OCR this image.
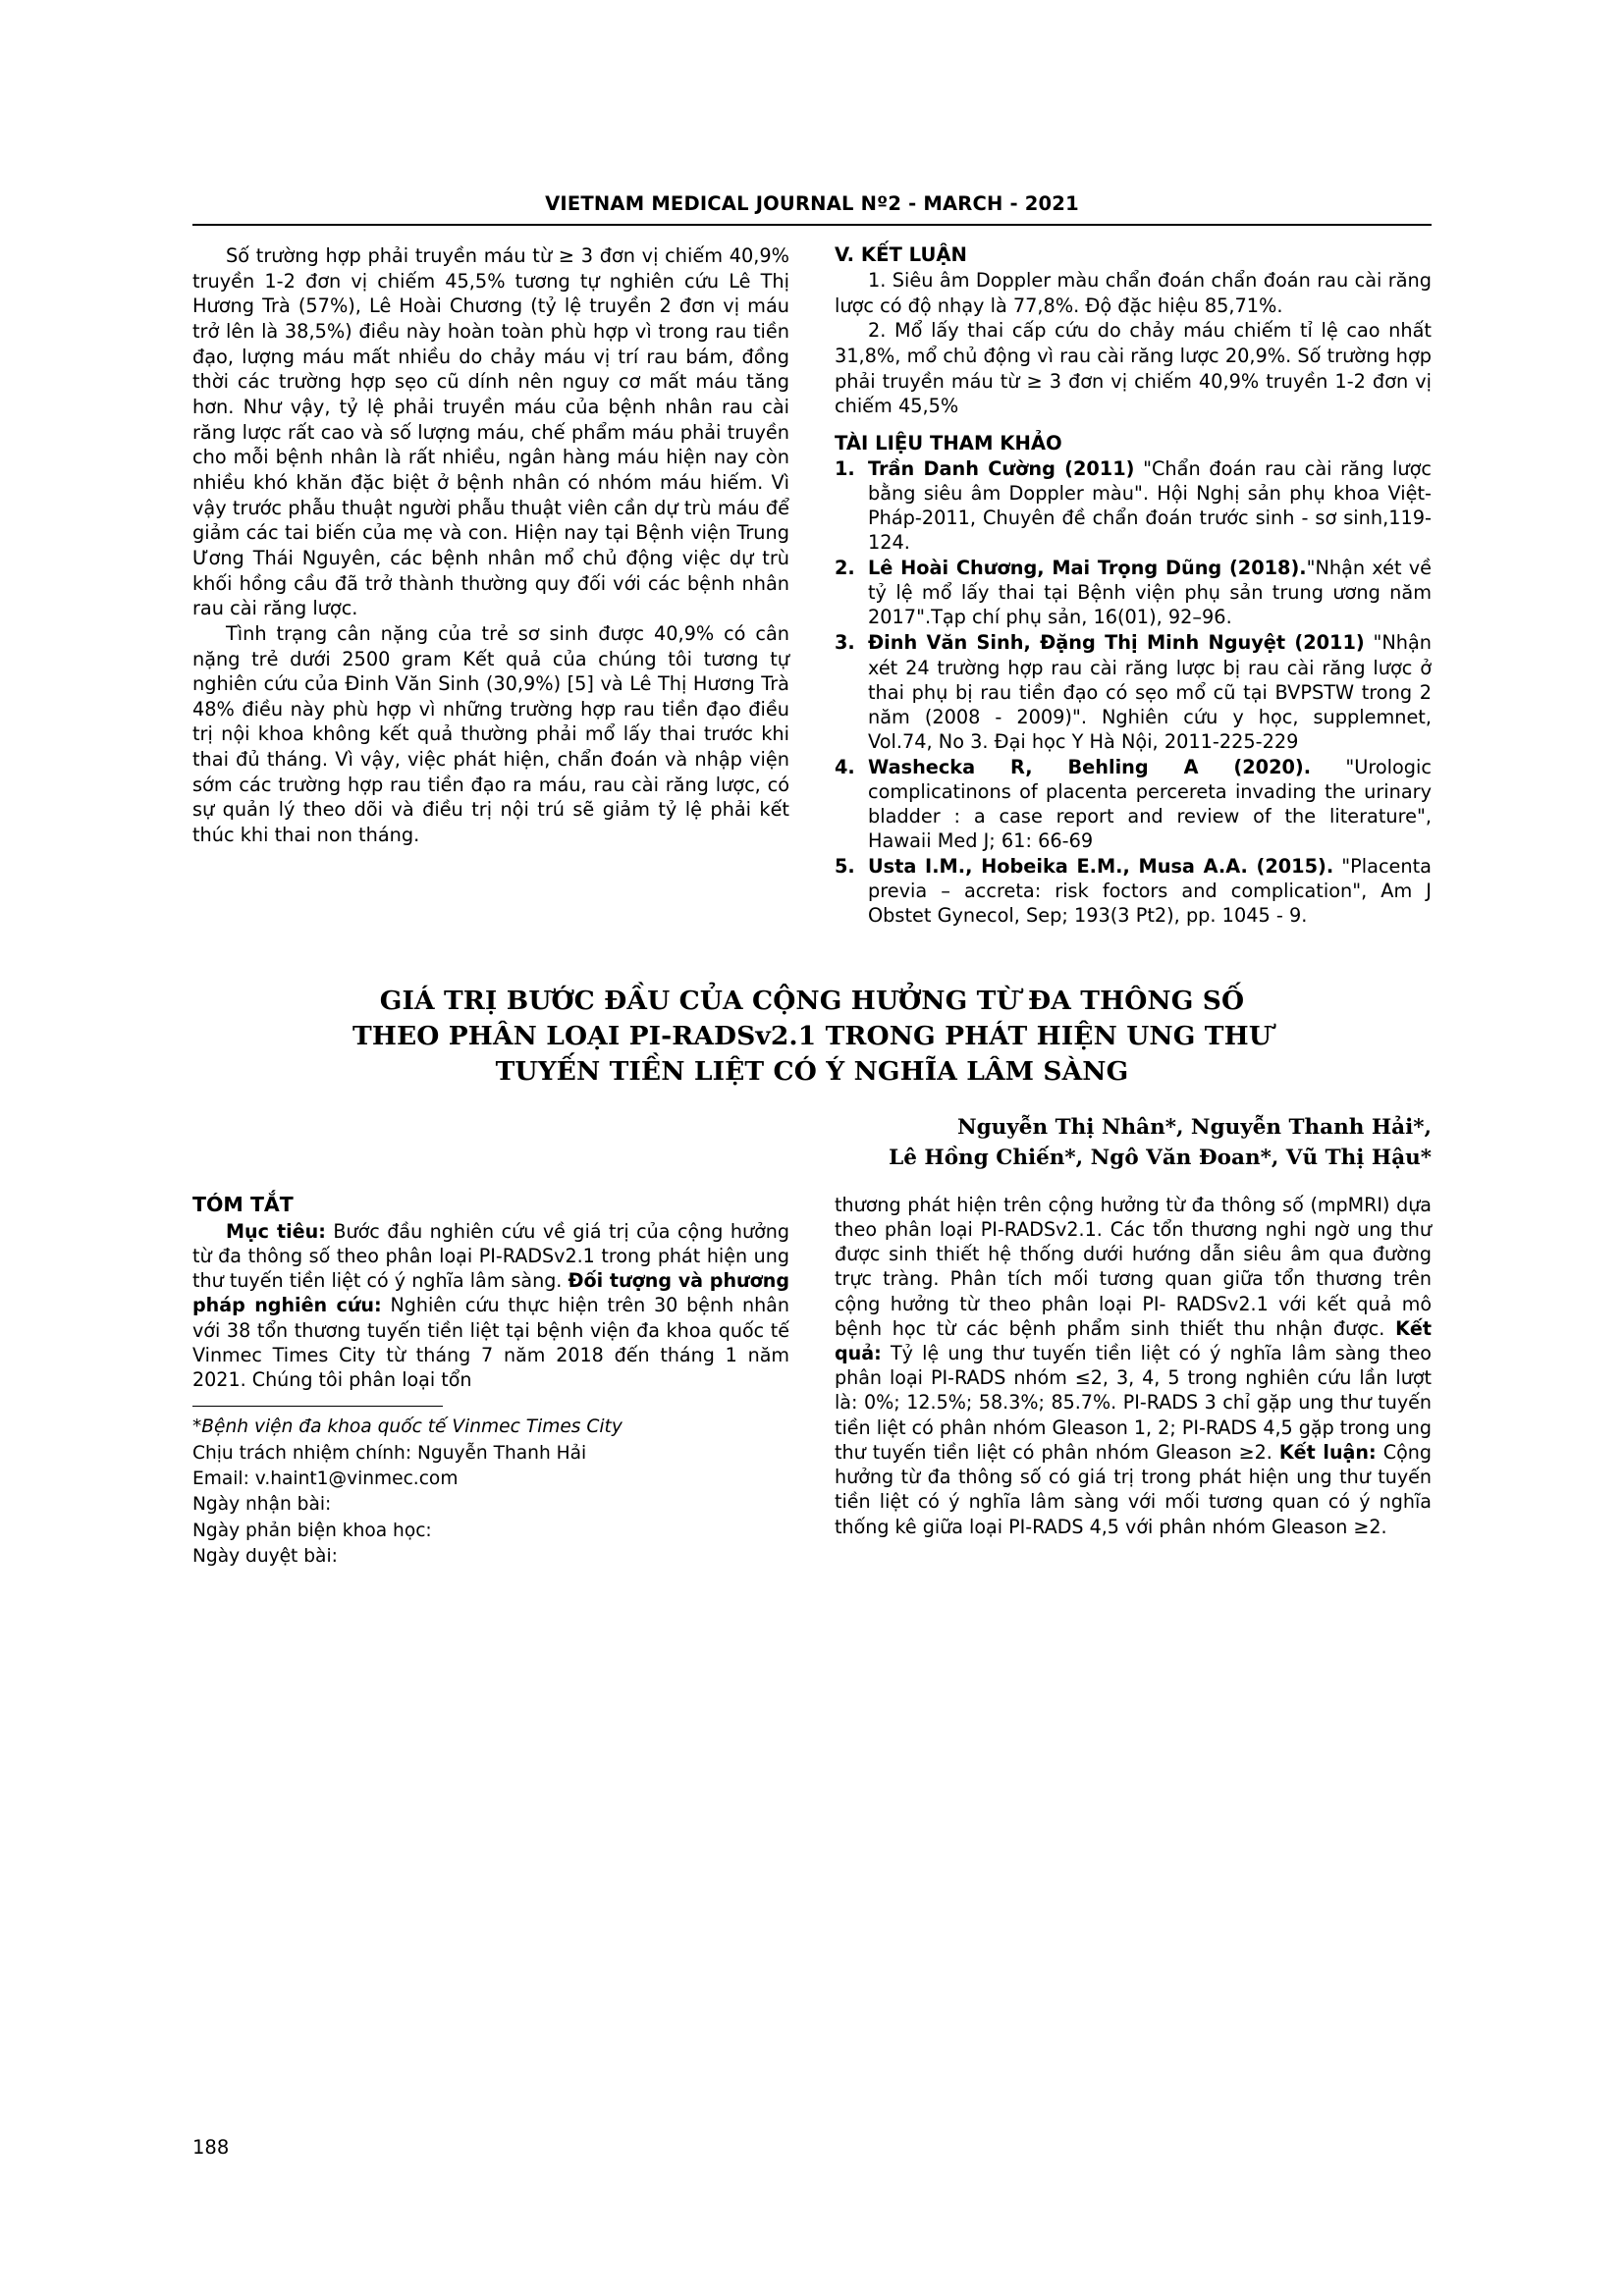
VIETNAM MEDICAL JOURNAL Nº2 - MARCH - 2021

Số trường hợp phải truyền máu từ ≥ 3 đơn vị chiếm 40,9% truyền 1-2 đơn vị chiếm 45,5% tương tự nghiên cứu Lê Thị Hương Trà (57%), Lê Hoài Chương (tỷ lệ truyền 2 đơn vị máu trở lên là 38,5%) điều này hoàn toàn phù hợp vì trong rau tiền đạo, lượng máu mất nhiều do chảy máu vị trí rau bám, đồng thời các trường hợp sẹo cũ dính nên nguy cơ mất máu tăng hơn. Như vậy, tỷ lệ phải truyền máu của bệnh nhân rau cài răng lược rất cao và số lượng máu, chế phẩm máu phải truyền cho mỗi bệnh nhân là rất nhiều, ngân hàng máu hiện nay còn nhiều khó khăn đặc biệt ở bệnh nhân có nhóm máu hiếm. Vì vậy trước phẫu thuật người phẫu thuật viên cần dự trù máu để giảm các tai biến của mẹ và con. Hiện nay tại Bệnh viện Trung Ương Thái Nguyên, các bệnh nhân mổ chủ động việc dự trù khối hồng cầu đã trở thành thường quy đối với các bệnh nhân rau cài răng lược.

Tình trạng cân nặng của trẻ sơ sinh được 40,9% có cân nặng trẻ dưới 2500 gram Kết quả của chúng tôi tương tự nghiên cứu của Đinh Văn Sinh (30,9%) [5] và Lê Thị Hương Trà 48% điều này phù hợp vì những trường hợp rau tiền đạo điều trị nội khoa không kết quả thường phải mổ lấy thai trước khi thai đủ tháng. Vì vậy, việc phát hiện, chẩn đoán và nhập viện sớm các trường hợp rau tiền đạo ra máu, rau cài răng lược, có sự quản lý theo dõi và điều trị nội trú sẽ giảm tỷ lệ phải kết thúc khi thai non tháng.

V. KẾT LUẬN

1. Siêu âm Doppler màu chẩn đoán chẩn đoán rau cài răng lược có độ nhạy là 77,8%. Độ đặc hiệu 85,71%.

2. Mổ lấy thai cấp cứu do chảy máu chiếm tỉ lệ cao nhất 31,8%, mổ chủ động vì rau cài răng lược 20,9%. Số trường hợp phải truyền máu từ ≥ 3 đơn vị chiếm 40,9% truyền 1-2 đơn vị chiếm 45,5%

TÀI LIỆU THAM KHẢO
1. Trần Danh Cường (2011) "Chẩn đoán rau cài răng lược bằng siêu âm Doppler màu". Hội Nghị sản phụ khoa Việt-Pháp-2011, Chuyên đề chẩn đoán trước sinh - sơ sinh,119-124.
2. Lê Hoài Chương, Mai Trọng Dũng (2018)."Nhận xét về tỷ lệ mổ lấy thai tại Bệnh viện phụ sản trung ương năm 2017".Tạp chí phụ sản, 16(01), 92–96.
3. Đinh Văn Sinh, Đặng Thị Minh Nguyệt (2011) "Nhận xét 24 trường hợp rau cài răng lược bị rau cài răng lược ở thai phụ bị rau tiền đạo có sẹo mổ cũ tại BVPSTW trong 2 năm (2008 - 2009)". Nghiên cứu y học, supplemnet, Vol.74, No 3. Đại học Y Hà Nội, 2011-225-229
4. Washecka R, Behling A (2020). "Urologic complicatinons of placenta percereta invading the urinary bladder : a case report and review of the literature", Hawaii Med J; 61: 66-69
5. Usta I.M., Hobeika E.M., Musa A.A. (2015). "Placenta previa – accreta: risk foctors and complication", Am J Obstet Gynecol, Sep; 193(3 Pt2), pp. 1045 - 9.
GIÁ TRỊ BƯỚC ĐẦU CỦA CỘNG HƯỞNG TỪ ĐA THÔNG SỐ
THEO PHÂN LOẠI PI-RADSv2.1 TRONG PHÁT HIỆN UNG THƯ
TUYẾN TIỀN LIỆT CÓ Ý NGHĨA LÂM SÀNG
Nguyễn Thị Nhân*, Nguyễn Thanh Hải*,
Lê Hồng Chiến*, Ngô Văn Đoan*, Vũ Thị Hậu*
TÓM TẮT
Mục tiêu: Bước đầu nghiên cứu về giá trị của cộng hưởng từ đa thông số theo phân loại PI-RADSv2.1 trong phát hiện ung thư tuyến tiền liệt có ý nghĩa lâm sàng. Đối tượng và phương pháp nghiên cứu: Nghiên cứu thực hiện trên 30 bệnh nhân với 38 tổn thương tuyến tiền liệt tại bệnh viện đa khoa quốc tế Vinmec Times City từ tháng 7 năm 2018 đến tháng 1 năm 2021. Chúng tôi phân loại tổn
*Bệnh viện đa khoa quốc tế Vinmec Times City
Chịu trách nhiệm chính: Nguyễn Thanh Hải
Email: v.haint1@vinmec.com
Ngày nhận bài:
Ngày phản biện khoa học:
Ngày duyệt bài:
thương phát hiện trên cộng hưởng từ đa thông số (mpMRI) dựa theo phân loại PI-RADSv2.1. Các tổn thương nghi ngờ ung thư được sinh thiết hệ thống dưới hướng dẫn siêu âm qua đường trực tràng. Phân tích mối tương quan giữa tổn thương trên cộng hưởng từ theo phân loại PI- RADSv2.1 với kết quả mô bệnh học từ các bệnh phẩm sinh thiết thu nhận được. Kết quả: Tỷ lệ ung thư tuyến tiền liệt có ý nghĩa lâm sàng theo phân loại PI-RADS nhóm ≤2, 3, 4, 5 trong nghiên cứu lần lượt là: 0%; 12.5%; 58.3%; 85.7%. PI-RADS 3 chỉ gặp ung thư tuyến tiền liệt có phân nhóm Gleason 1, 2; PI-RADS 4,5 gặp trong ung thư tuyến tiền liệt có phân nhóm Gleason ≥2. Kết luận: Cộng hưởng từ đa thông số có giá trị trong phát hiện ung thư tuyến tiền liệt có ý nghĩa lâm sàng với mối tương quan có ý nghĩa thống kê giữa loại PI-RADS 4,5 với phân nhóm Gleason ≥2.
188
